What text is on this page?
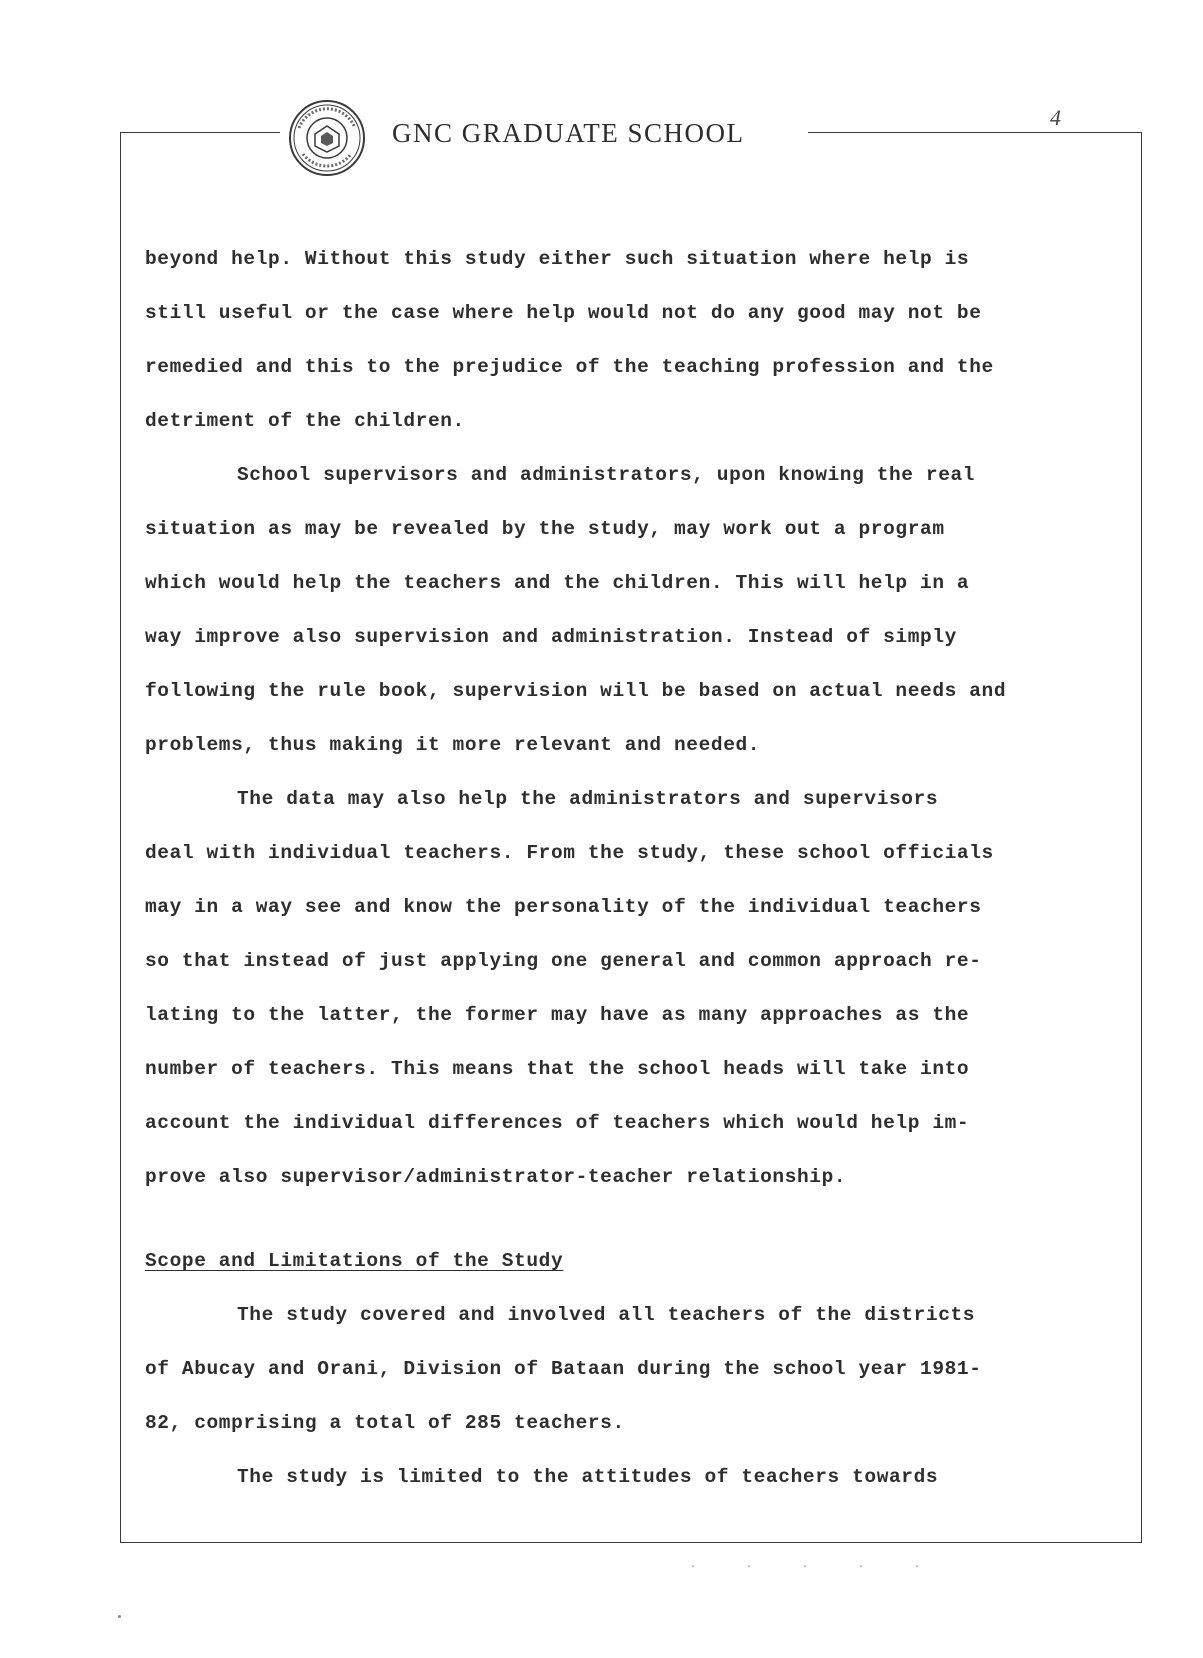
GNC GRADUATE SCHOOL
4
beyond help. Without this study either such situation where help is
still useful or the case where help would not do any good may not be
remedied and this to the prejudice of the teaching profession and the
detriment of the children.
School supervisors and administrators, upon knowing the real
situation as may be revealed by the study, may work out a program
which would help the teachers and the children. This will help in a
way improve also supervision and administration. Instead of simply
following the rule book, supervision will be based on actual needs and
problems, thus making it more relevant and needed.
The data may also help the administrators and supervisors
deal with individual teachers. From the study, these school officials
may in a way see and know the personality of the individual teachers
so that instead of just applying one general and common approach re-
lating to the latter, the former may have as many approaches as the
number of teachers. This means that the school heads will take into
account the individual differences of teachers which would help im-
prove also supervisor/administrator-teacher relationship.
Scope and Limitations of the Study
The study covered and involved all teachers of the districts
of Abucay and Orani, Division of Bataan during the school year 1981-
82, comprising a total of 285 teachers.
The study is limited to the attitudes of teachers towards
· · · · ·
